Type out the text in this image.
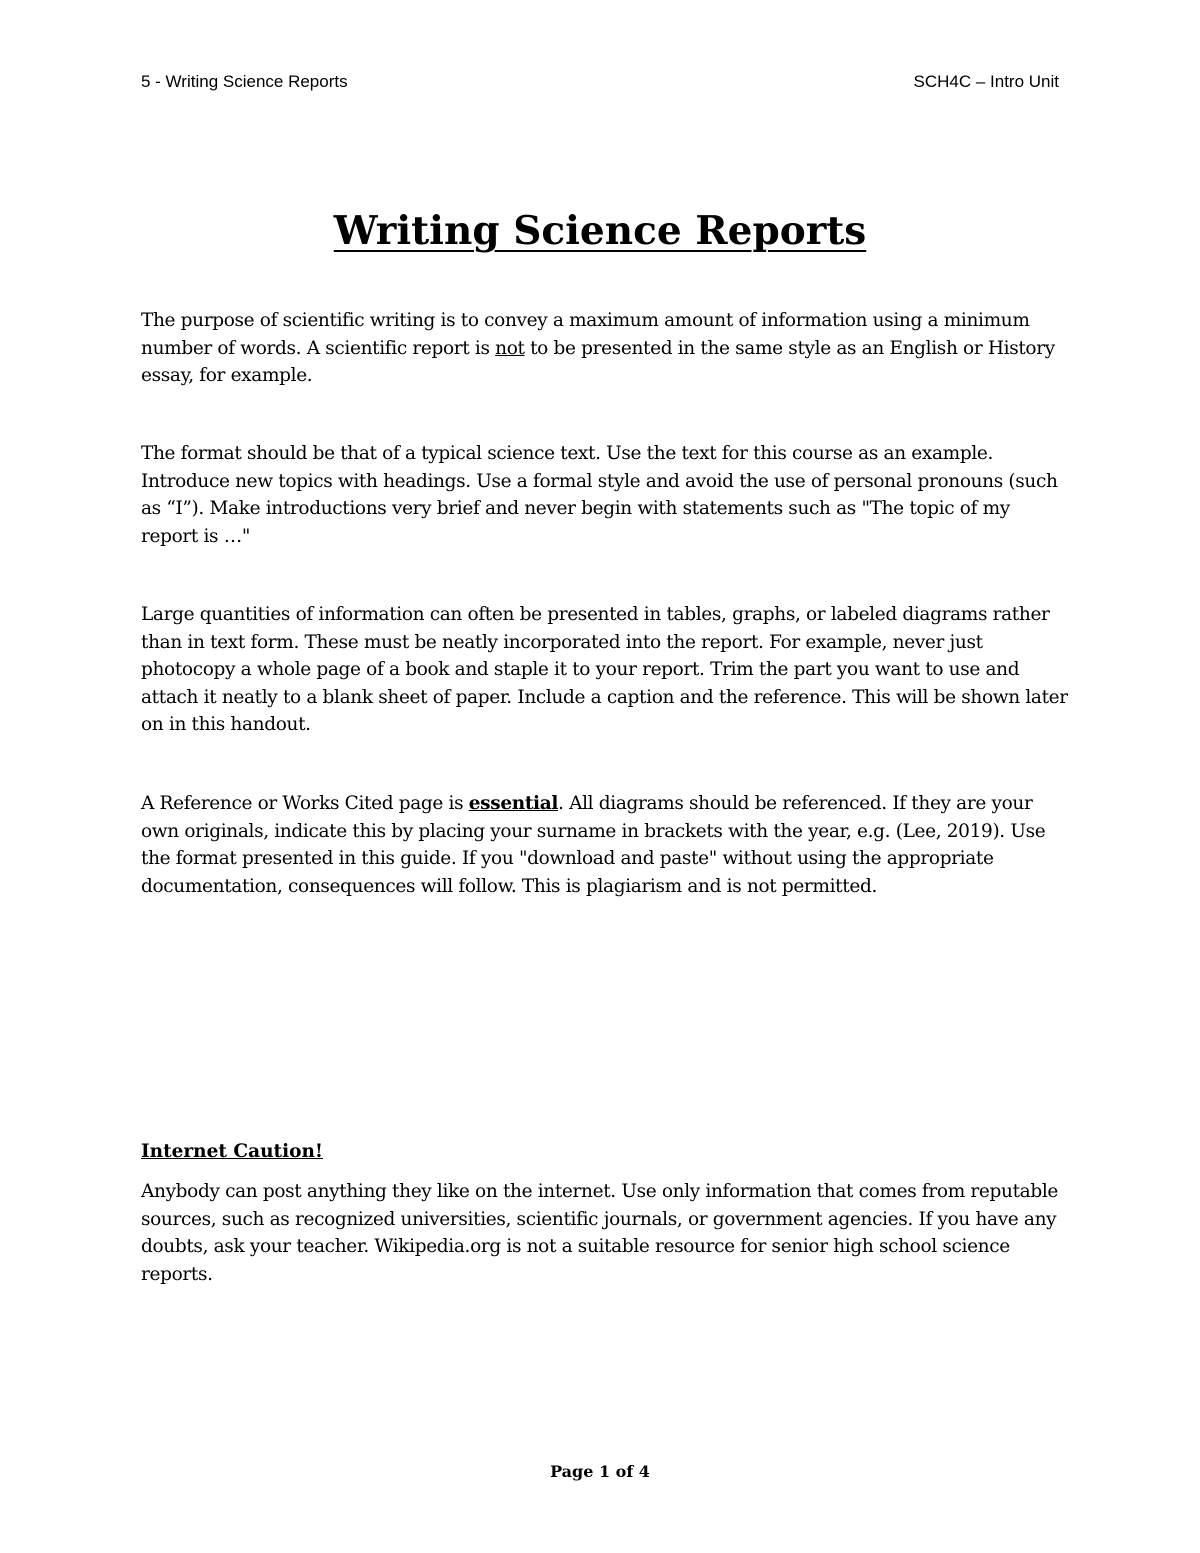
5 - Writing Science Reports	SCH4C – Intro Unit
Writing Science Reports

The purpose of scientific writing is to convey a maximum amount of information using a minimum number of words. A scientific report is not to be presented in the same style as an English or History essay, for example.

The format should be that of a typical science text. Use the text for this course as an example. Introduce new topics with headings. Use a formal style and avoid the use of personal pronouns (such as “I”). Make introductions very brief and never begin with statements such as "The topic of my report is …"

Large quantities of information can often be presented in tables, graphs, or labeled diagrams rather than in text form. These must be neatly incorporated into the report. For example, never just photocopy a whole page of a book and staple it to your report. Trim the part you want to use and attach it neatly to a blank sheet of paper. Include a caption and the reference. This will be shown later on in this handout.

A Reference or Works Cited page is essential. All diagrams should be referenced. If they are your own originals, indicate this by placing your surname in brackets with the year, e.g. (Lee, 2019). Use the format presented in this guide. If you "download and paste" without using the appropriate documentation, consequences will follow. This is plagiarism and is not permitted.

Internet Caution!

Anybody can post anything they like on the internet. Use only information that comes from reputable sources, such as recognized universities, scientific journals, or government agencies. If you have any doubts, ask your teacher. Wikipedia.org is not a suitable resource for senior high school science reports.

Page 1 of 4
